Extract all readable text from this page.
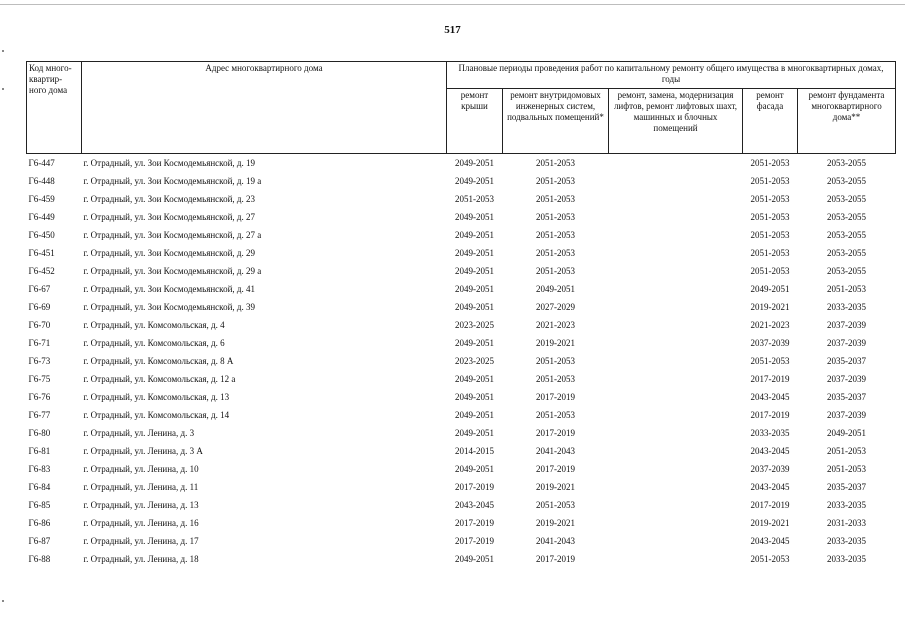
517
Код много-квартир-ного дома	Адрес многоквартирного дома	Плановые периоды проведения работ по капитальному ремонту общего имущества в многоквартирных домах, годы				
		ремонт крыши	ремонт внутридомовых инженерных систем, подвальных помещений*	ремонт, замена, модернизация лифтов, ремонт лифтовых шахт, машинных и блочных помещений	ремонт фасада	ремонт фундамента многоквартирного дома**
Г6-447	г. Отрадный, ул. Зои Космодемьянской, д. 19	2049-2051	2051-2053		2051-2053	2053-2055
Г6-448	г. Отрадный, ул. Зои Космодемьянской, д. 19 а	2049-2051	2051-2053		2051-2053	2053-2055
Г6-459	г. Отрадный, ул. Зои Космодемьянской, д. 23	2051-2053	2051-2053		2051-2053	2053-2055
Г6-449	г. Отрадный, ул. Зои Космодемьянской, д. 27	2049-2051	2051-2053		2051-2053	2053-2055
Г6-450	г. Отрадный, ул. Зои Космодемьянской, д. 27 а	2049-2051	2051-2053		2051-2053	2053-2055
Г6-451	г. Отрадный, ул. Зои Космодемьянской, д. 29	2049-2051	2051-2053		2051-2053	2053-2055
Г6-452	г. Отрадный, ул. Зои Космодемьянской, д. 29 а	2049-2051	2051-2053		2051-2053	2053-2055
Г6-67	г. Отрадный, ул. Зои Космодемьянской, д. 41	2049-2051	2049-2051		2049-2051	2051-2053
Г6-69	г. Отрадный, ул. Зои Космодемьянской, д. 39	2049-2051	2027-2029		2019-2021	2033-2035
Г6-70	г. Отрадный, ул. Комсомольская, д. 4	2023-2025	2021-2023		2021-2023	2037-2039
Г6-71	г. Отрадный, ул. Комсомольская, д. 6	2049-2051	2019-2021		2037-2039	2037-2039
Г6-73	г. Отрадный, ул. Комсомольская, д. 8 А	2023-2025	2051-2053		2051-2053	2035-2037
Г6-75	г. Отрадный, ул. Комсомольская, д. 12 а	2049-2051	2051-2053		2017-2019	2037-2039
Г6-76	г. Отрадный, ул. Комсомольская, д. 13	2049-2051	2017-2019		2043-2045	2035-2037
Г6-77	г. Отрадный, ул. Комсомольская, д. 14	2049-2051	2051-2053		2017-2019	2037-2039
Г6-80	г. Отрадный, ул. Ленина, д. 3	2049-2051	2017-2019		2033-2035	2049-2051
Г6-81	г. Отрадный, ул. Ленина, д. 3 А	2014-2015	2041-2043		2043-2045	2051-2053
Г6-83	г. Отрадный, ул. Ленина, д. 10	2049-2051	2017-2019		2037-2039	2051-2053
Г6-84	г. Отрадный, ул. Ленина, д. 11	2017-2019	2019-2021		2043-2045	2035-2037
Г6-85	г. Отрадный, ул. Ленина, д. 13	2043-2045	2051-2053		2017-2019	2033-2035
Г6-86	г. Отрадный, ул. Ленина, д. 16	2017-2019	2019-2021		2019-2021	2031-2033
Г6-87	г. Отрадный, ул. Ленина, д. 17	2017-2019	2041-2043		2043-2045	2033-2035
Г6-88	г. Отрадный, ул. Ленина, д. 18	2049-2051	2017-2019		2051-2053	2033-2035
